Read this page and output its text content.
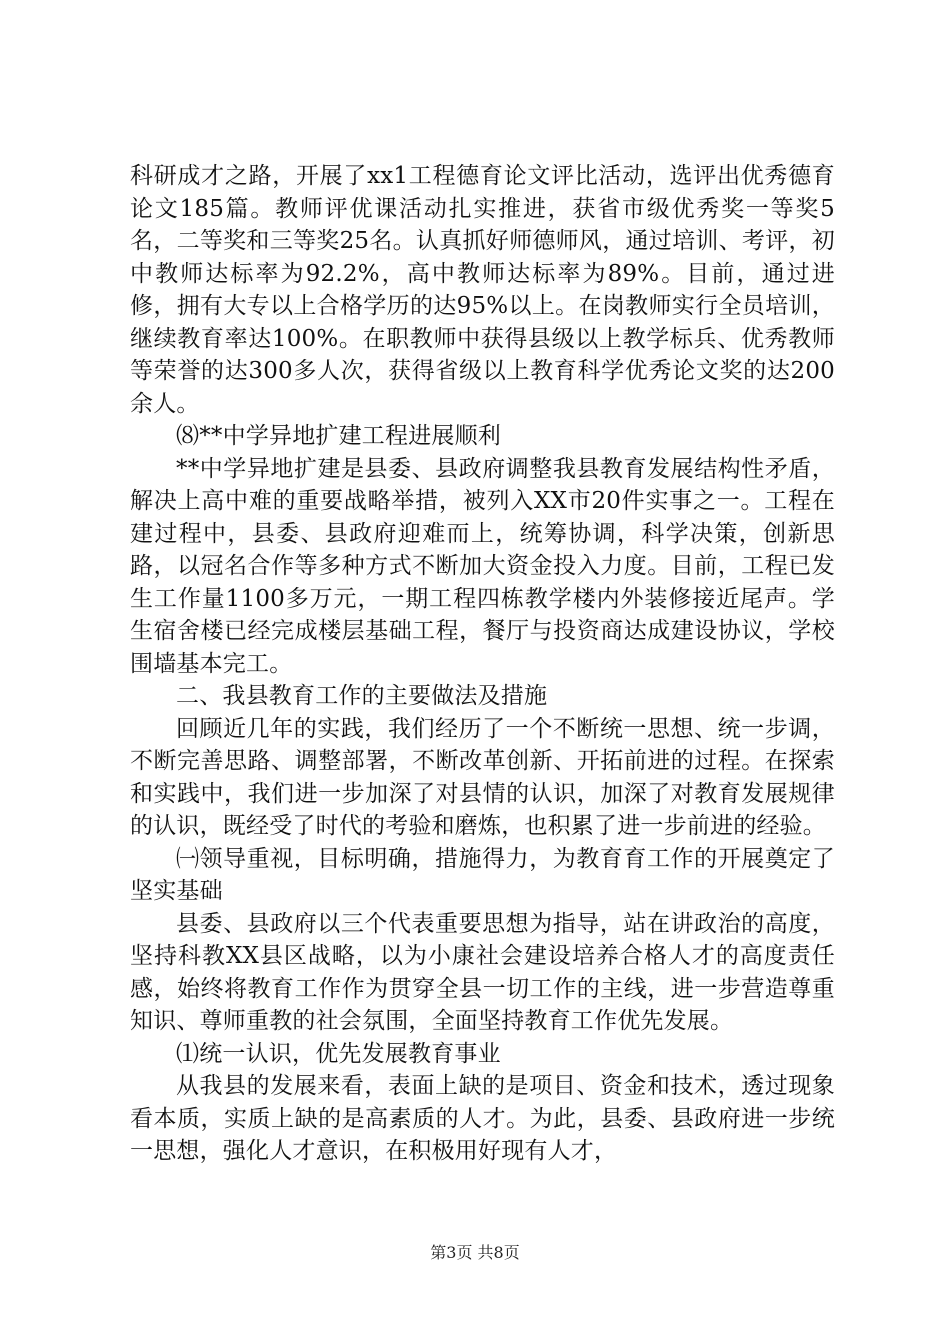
科研成才之路，开展了xx1工程德育论文评比活动，选评出优秀德育论文185篇。教师评优课活动扎实推进，获省市级优秀奖一等奖5名，二等奖和三等奖25名。认真抓好师德师风，通过培训、考评，初中教师达标率为92.2%，高中教师达标率为89%。目前，通过进修，拥有大专以上合格学历的达95%以上。在岗教师实行全员培训，继续教育率达100%。在职教师中获得县级以上教学标兵、优秀教师等荣誉的达300多人次，获得省级以上教育科学优秀论文奖的达200余人。

⑻**中学异地扩建工程进展顺利

**中学异地扩建是县委、县政府调整我县教育发展结构性矛盾，解决上高中难的重要战略举措，被列入XX市20件实事之一。工程在建过程中，县委、县政府迎难而上，统筹协调，科学决策，创新思路，以冠名合作等多种方式不断加大资金投入力度。目前，工程已发生工作量1100多万元，一期工程四栋教学楼内外装修接近尾声。学生宿舍楼已经完成楼层基础工程，餐厅与投资商达成建设协议，学校围墙基本完工。

二、我县教育工作的主要做法及措施

回顾近几年的实践，我们经历了一个不断统一思想、统一步调，不断完善思路、调整部署，不断改革创新、开拓前进的过程。在探索和实践中，我们进一步加深了对县情的认识，加深了对教育发展规律的认识，既经受了时代的考验和磨炼，也积累了进一步前进的经验。

㈠领导重视，目标明确，措施得力，为教育育工作的开展奠定了坚实基础

县委、县政府以三个代表重要思想为指导，站在讲政治的高度，坚持科教XX县区战略，以为小康社会建设培养合格人才的高度责任感，始终将教育工作作为贯穿全县一切工作的主线，进一步营造尊重知识、尊师重教的社会氛围，全面坚持教育工作优先发展。

⑴统一认识，优先发展教育事业

从我县的发展来看，表面上缺的是项目、资金和技术，透过现象看本质，实质上缺的是高素质的人才。为此，县委、县政府进一步统一思想，强化人才意识，在积极用好现有人才，

第3页 共8页
